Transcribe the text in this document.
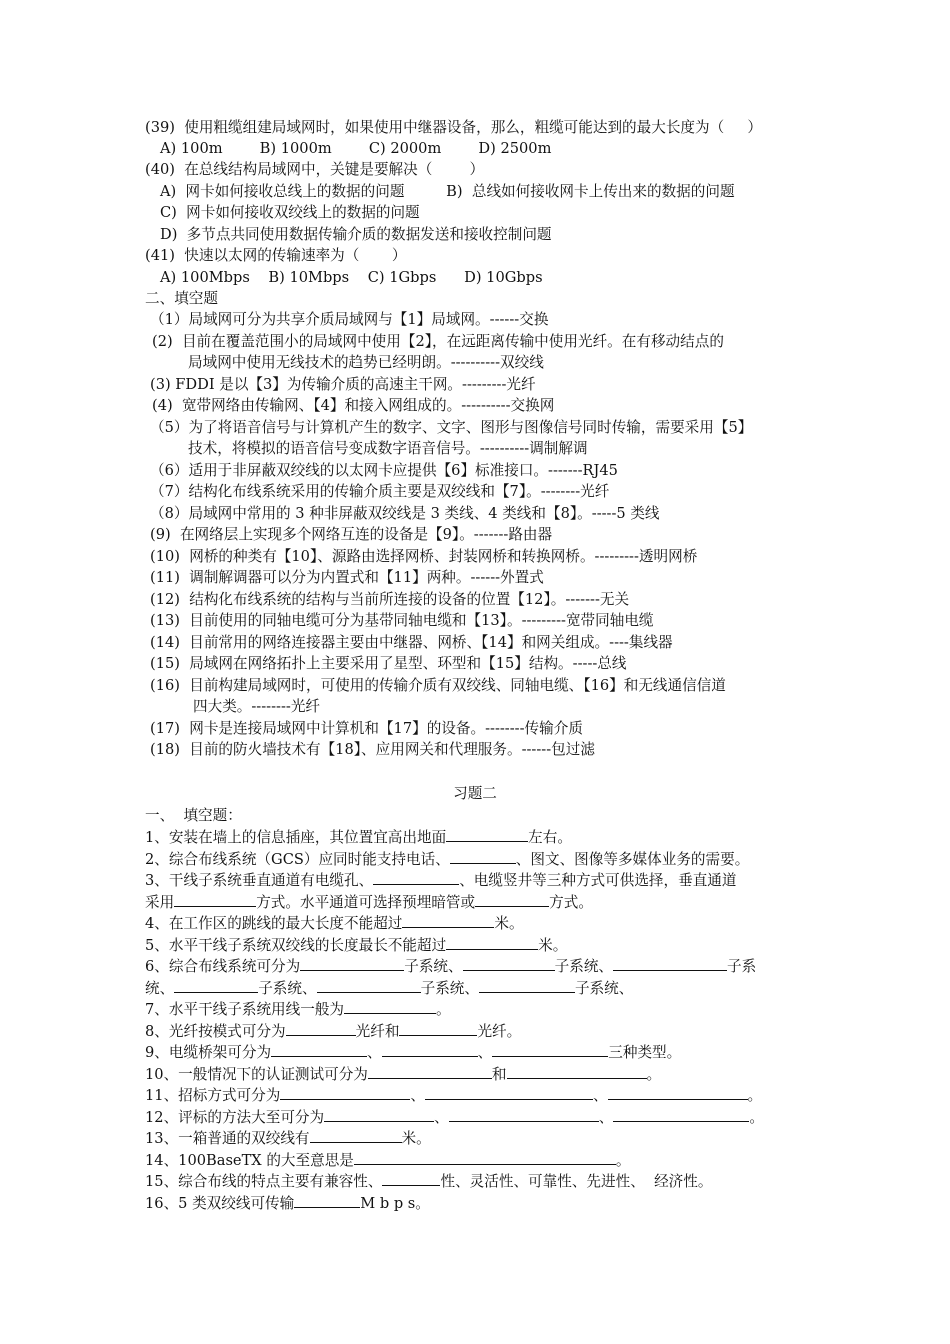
(39)  使用粗缆组建局域网时，如果使用中继器设备，那么，粗缆可能达到的最大长度为（     ）
A) 100m        B) 1000m        C) 2000m        D) 2500m
(40)  在总线结构局域网中，关键是要解决（        ）
A)  网卡如何接收总线上的数据的问题         B)  总线如何接收网卡上传出来的数据的问题
C)  网卡如何接收双绞线上的数据的问题
D)  多节点共同使用数据传输介质的数据发送和接收控制问题
(41)  快速以太网的传输速率为（       ）
A) 100Mbps    B) 10Mbps    C) 1Gbps      D) 10Gbps
二、填空题
（1）局域网可分为共享介质局域网与【1】局域网。------交换
(2)  目前在覆盖范围小的局域网中使用【2】，在远距离传输中使用光纤。在有移动结点的
局域网中使用无线技术的趋势已经明朗。----------双绞线
(3) FDDI 是以【3】为传输介质的高速主干网。---------光纤
(4)  宽带网络由传输网、【4】和接入网组成的。----------交换网
（5）为了将语音信号与计算机产生的数字、文字、图形与图像信号同时传输，需要采用【5】
技术，将模拟的语音信号变成数字语音信号。----------调制解调
（6）适用于非屏蔽双绞线的以太网卡应提供【6】标准接口。-------RJ45
（7）结构化布线系统采用的传输介质主要是双绞线和【7】。--------光纤
（8）局域网中常用的 3 种非屏蔽双绞线是 3 类线、4 类线和【8】。-----5 类线
(9)  在网络层上实现多个网络互连的设备是【9】。-------路由器
(10)  网桥的种类有【10】、源路由选择网桥、封装网桥和转换网桥。---------透明网桥
(11)  调制解调器可以分为内置式和【11】两种。------外置式
(12)  结构化布线系统的结构与当前所连接的设备的位置【12】。-------无关
(13)  目前使用的同轴电缆可分为基带同轴电缆和【13】。---------宽带同轴电缆
(14)  目前常用的网络连接器主要由中继器、网桥、【14】和网关组成。----集线器
(15)  局域网在网络拓扑上主要采用了星型、环型和【15】结构。-----总线
(16)  目前构建局域网时，可使用的传输介质有双绞线、同轴电缆、【16】和无线通信信道
四大类。--------光纤
(17)  网卡是连接局域网中计算机和【17】的设备。--------传输介质
(18)  目前的防火墙技术有【18】、应用网关和代理服务。------包过滤
习题二
一、  填空题：
1、安装在墙上的信息插座，其位置宜高出地面	左右。
2、综合布线系统（GCS）应同时能支持电话、	、图文、图像等多媒体业务的需要。
3、干线子系统垂直通道有电缆孔、	、电缆竖井等三种方式可供选择，垂直通道
采用	方式。水平通道可选择预埋暗管或	方式。
4、在工作区的跳线的最大长度不能超过	米。
5、水平干线子系统双绞线的长度最长不能超过	米。
6、综合布线系统可分为	子系统、	子系统、	子系
统、	子系统、	子系统、	子系统、
7、水平干线子系统用线一般为	。
8、光纤按模式可分为	光纤和	光纤。
9、电缆桥架可分为	、	、	三种类型。
10、一般情况下的认证测试可分为	和	。
11、招标方式可分为	、	、	。
12、评标的方法大至可分为	、	、	。
13、一箱普通的双绞线有	米。
14、100BaseTX 的大至意思是	。
15、综合布线的特点主要有兼容性、	性、灵活性、可靠性、先进性、  经济性。
16、5 类双绞线可传输	M b p s。
